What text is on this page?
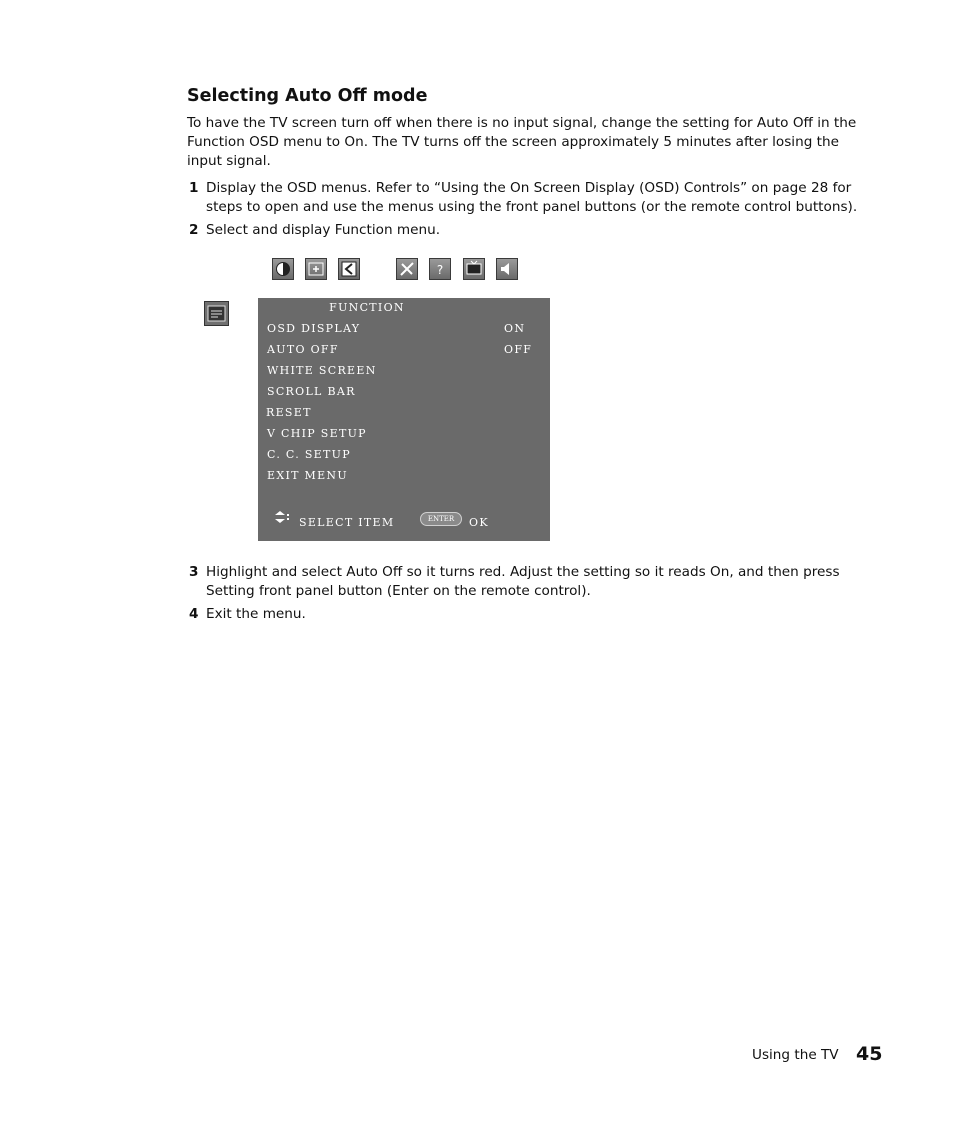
Selecting Auto Off mode

To have the TV screen turn off when there is no input signal, change the setting for Auto Off in the Function OSD menu to On. The TV turns off the screen approximately 5 minutes after losing the input signal.

1 Display the OSD menus. Refer to “Using the On Screen Display (OSD) Controls” on page 28 for steps to open and use the menus using the front panel buttons (or the remote control buttons).
2 Select and display Function menu.
?
FUNCTION
OSD DISPLAY	ON
AUTO OFF	OFF
WHITE SCREEN
SCROLL BAR
RESET
V CHIP SETUP
C. C. SETUP
EXIT MENU
SELECT ITEM	ENTER	OK
3 Highlight and select Auto Off so it turns red. Adjust the setting so it reads On, and then press Setting front panel button (Enter on the remote control).
4 Exit the menu.
Using the TV 45
